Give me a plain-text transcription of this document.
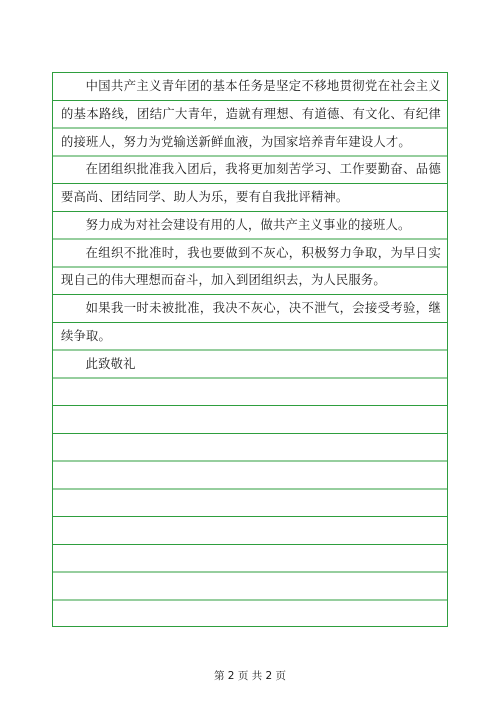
中国共产主义青年团的基本任务是坚定不移地贯彻党在社会主义的基本路线，团结广大青年，造就有理想、有道德、有文化、有纪律的接班人，努力为党输送新鲜血液，为国家培养青年建设人才。

在团组织批准我入团后，我将更加刻苦学习、工作要勤奋、品德要高尚、团结同学、助人为乐，要有自我批评精神。

努力成为对社会建设有用的人，做共产主义事业的接班人。

在组织不批准时，我也要做到不灰心，积极努力争取，为早日实现自己的伟大理想而奋斗，加入到团组织去，为人民服务。

如果我一时未被批准，我决不灰心，决不泄气，会接受考验，继续争取。

此致敬礼

第 2 页 共 2 页
